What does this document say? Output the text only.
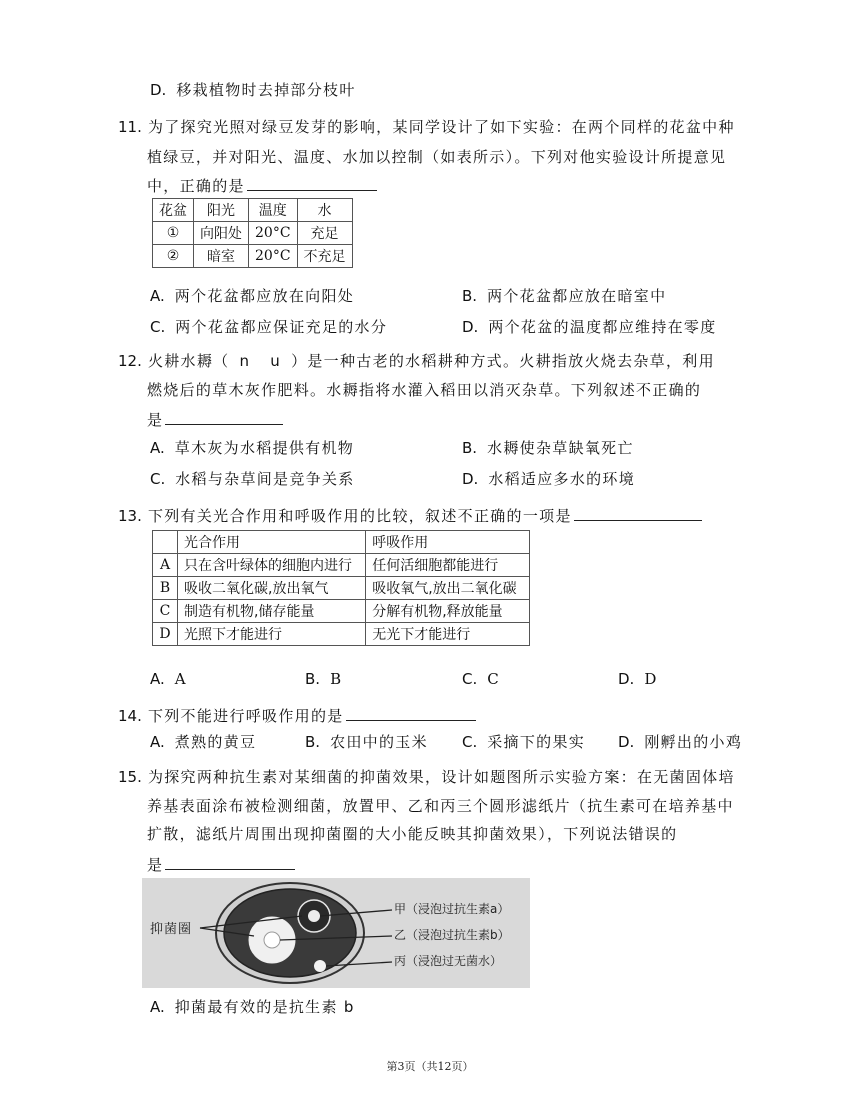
D. 移栽植物时去掉部分枝叶
11. 为了探究光照对绿豆发芽的影响，某同学设计了如下实验：在两个同样的花盆中种
植绿豆，并对阳光、温度、水加以控制（如表所示）。下列对他实验设计所提意见
中，正确的是
花盆	阳光	温度	水
①	向阳处	20°C	充足
②	暗室	20°C	不充足
A. 两个花盆都应放在向阳处	B. 两个花盆都应放在暗室中
C. 两个花盆都应保证充足的水分	D. 两个花盆的温度都应维持在零度
12. 火耕水耨（ n u ）是一种古老的水稻耕种方式。火耕指放火烧去杂草，利用
燃烧后的草木灰作肥料。水耨指将水灌入稻田以消灭杂草。下列叙述不正确的
是
A. 草木灰为水稻提供有机物	B. 水耨使杂草缺氧死亡
C. 水稻与杂草间是竞争关系	D. 水稻适应多水的环境
13. 下列有关光合作用和呼吸作用的比较，叙述不正确的一项是
	光合作用	呼吸作用
A	只在含叶绿体的细胞内进行	任何活细胞都能进行
B	吸收二氧化碳,放出氧气	吸收氧气,放出二氧化碳
C	制造有机物,储存能量	分解有机物,释放能量
D	光照下才能进行	无光下才能进行
A. A	B. B	C. C	D. D
14. 下列不能进行呼吸作用的是
A. 煮熟的黄豆	B. 农田中的玉米 C. 采摘下的果实 D. 刚孵出的小鸡
15. 为探究两种抗生素对某细菌的抑菌效果，设计如题图所示实验方案：在无菌固体培
养基表面涂布被检测细菌，放置甲、乙和丙三个圆形滤纸片（抗生素可在培养基中
扩散，滤纸片周围出现抑菌圈的大小能反映其抑菌效果），下列说法错误的
是
抑菌圈
甲（浸泡过抗生素a）
乙（浸泡过抗生素b）
丙（浸泡过无菌水）
A. 抑菌最有效的是抗生素 b
第3页（共12页）
